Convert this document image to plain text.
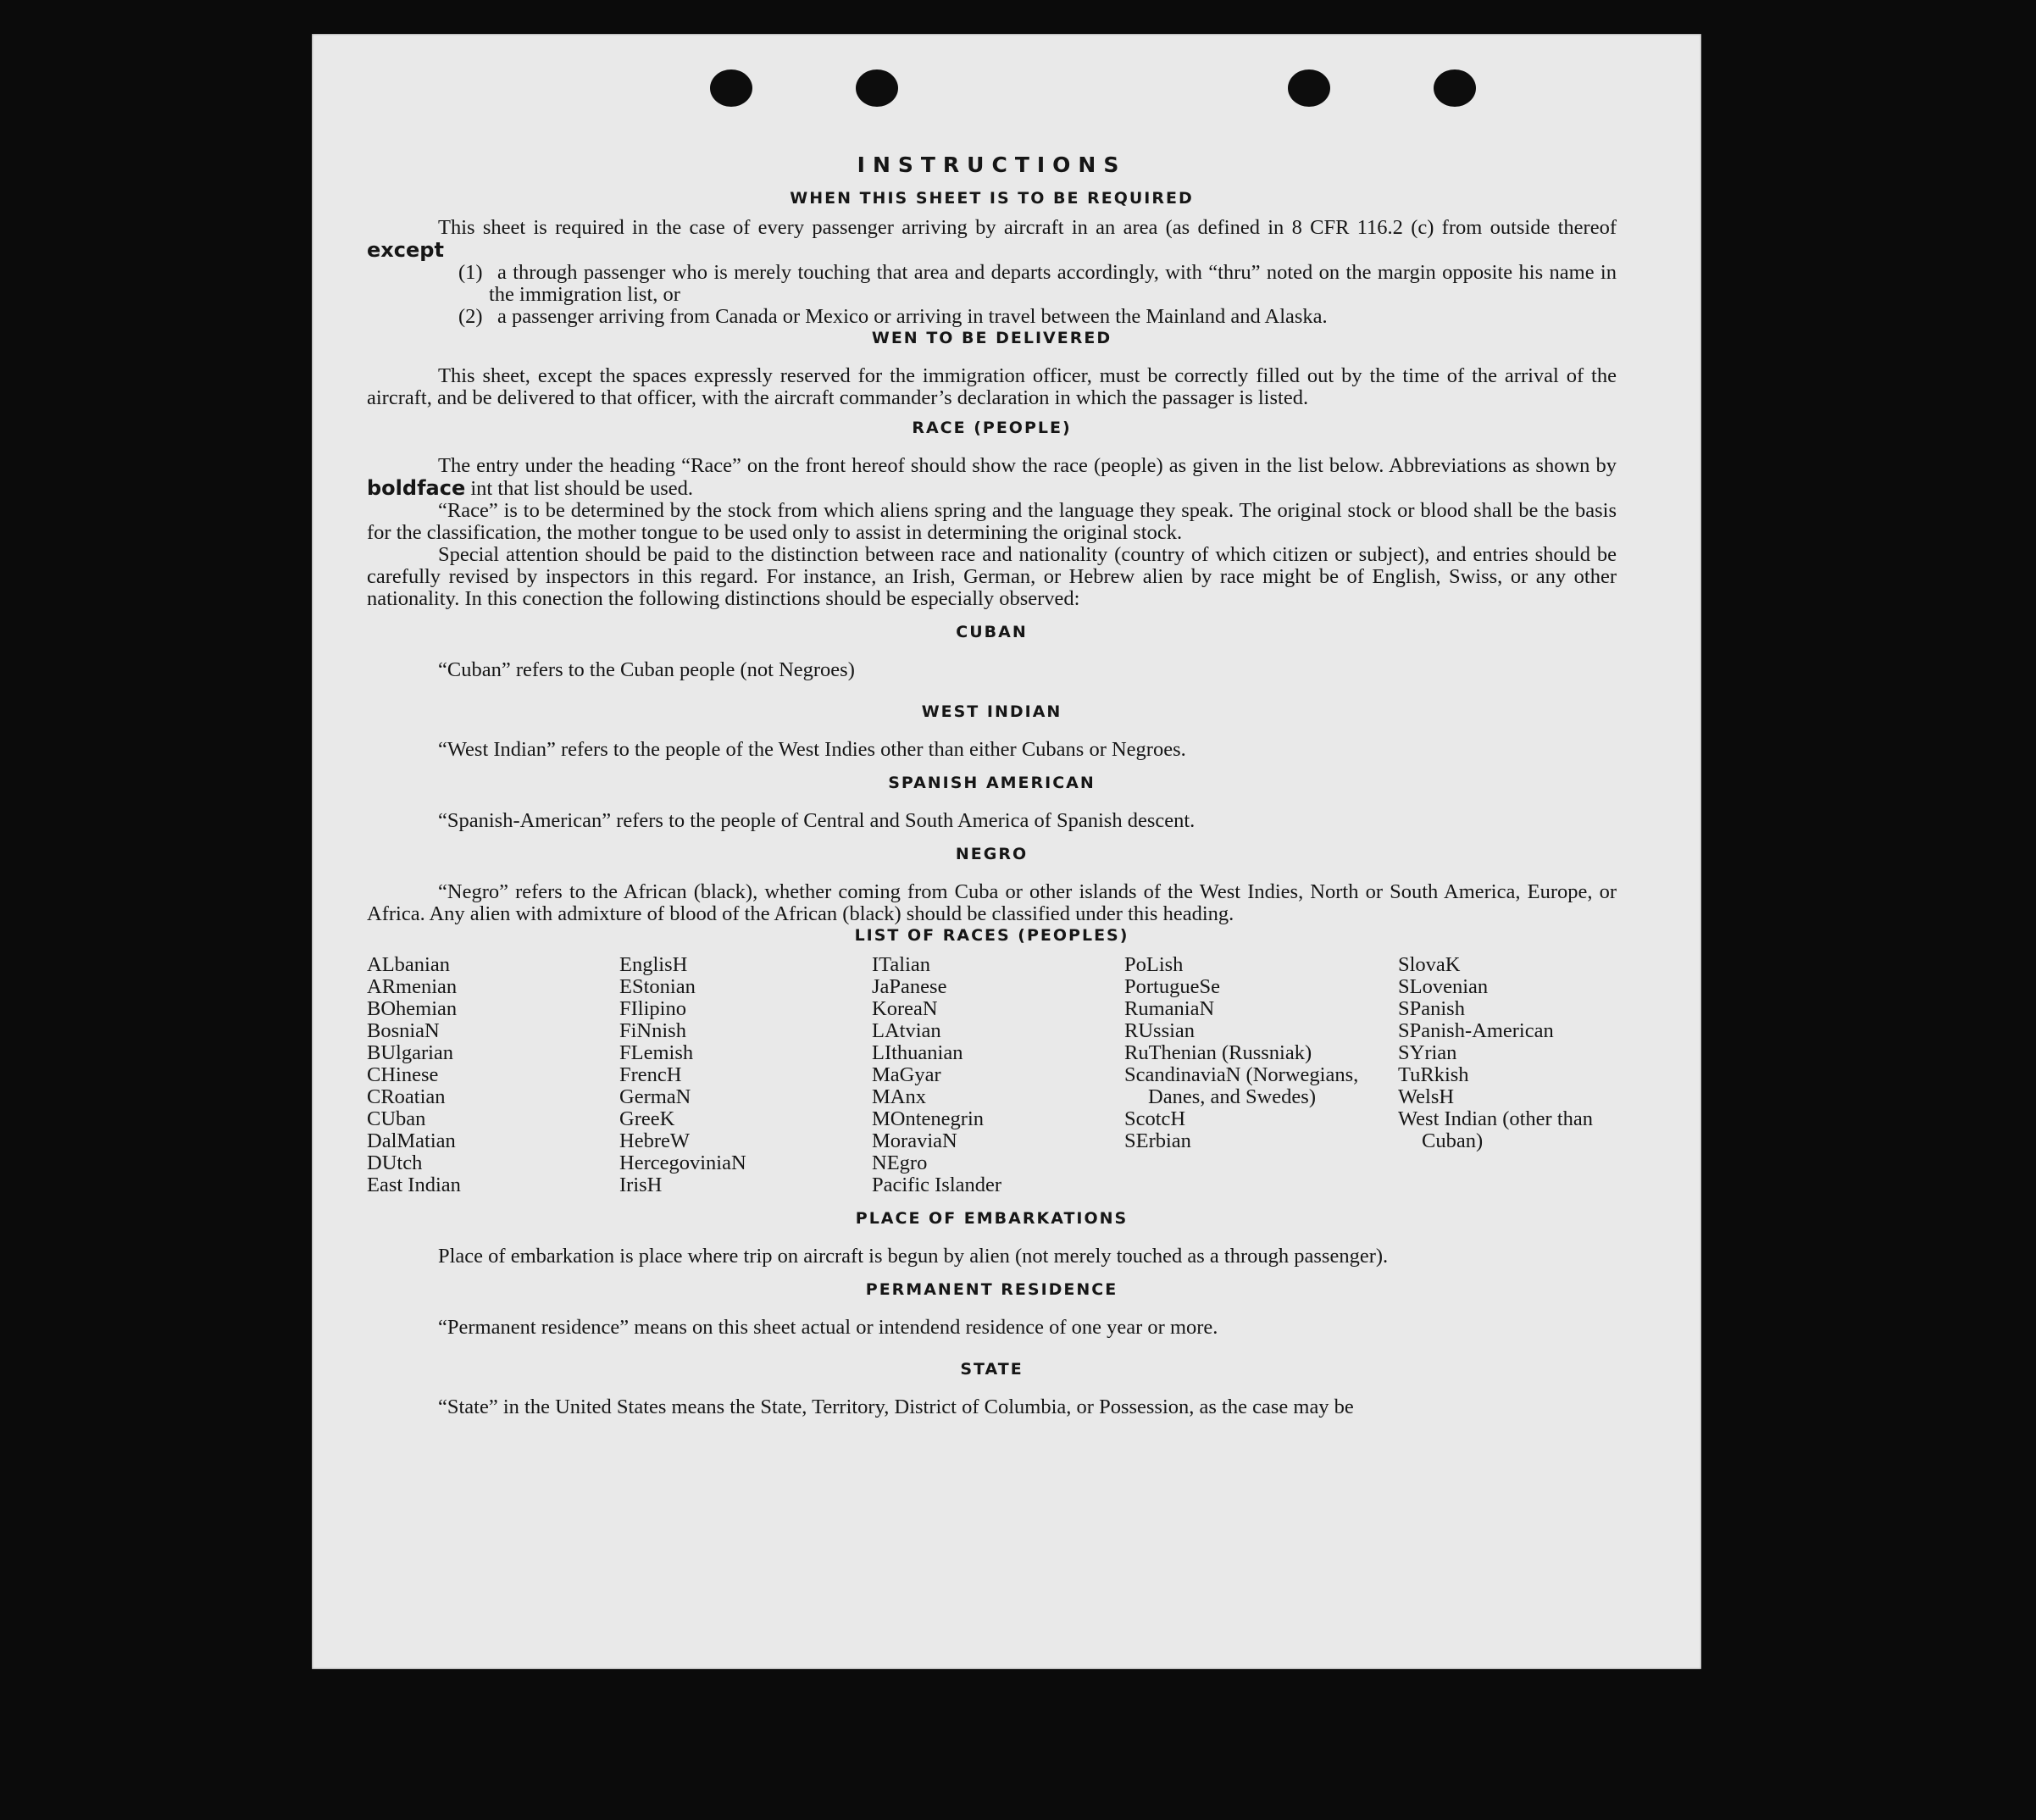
INSTRUCTIONS
WHEN THIS SHEET IS TO BE REQUIRED

This sheet is required in the case of every passenger arriving by aircraft in an area (as defined in 8 CFR 116.2 (c) from outside thereof except

(1) a through passenger who is merely touching that area and departs accordingly, with “thru” noted on the margin opposite his name in the immigration list, or
(2) a passenger arriving from Canada or Mexico or arriving in travel between the Mainland and Alaska.
WEN TO BE DELIVERED

This sheet, except the spaces expressly reserved for the immigration officer, must be correctly filled out by the time of the arrival of the aircraft, and be delivered to that officer, with the aircraft commander’s declaration in which the passager is listed.

RACE (PEOPLE)

The entry under the heading “Race” on the front hereof should show the race (people) as given in the list below. Abbreviations as shown by boldface int that list should be used.

“Race” is to be determined by the stock from which aliens spring and the language they speak. The original stock or blood shall be the basis for the classification, the mother tongue to be used only to assist in determining the original stock.

Special attention should be paid to the distinction between race and nationality (country of which citizen or subject), and entries should be carefully revised by inspectors in this regard. For instance, an Irish, German, or Hebrew alien by race might be of English, Swiss, or any other nationality. In this conection the following distinctions should be especially observed:

CUBAN

“Cuban” refers to the Cuban people (not Negroes)

WEST INDIAN

“West Indian” refers to the people of the West Indies other than either Cubans or Negroes.

SPANISH AMERICAN

“Spanish-American” refers to the people of Central and South America of Spanish descent.

NEGRO

“Negro” refers to the African (black), whether coming from Cuba or other islands of the West Indies, North or South America, Europe, or Africa. Any alien with admixture of blood of the African (black) should be classified under this heading.

LIST OF RACES (PEOPLES)
ALbanian
ARmenian
BOhemian
BosniaN
BUlgarian
CHinese
CRoatian
CUban
DalMatian
DUtch
East Indian
EnglisH
EStonian
FIlipino
FiNnish
FLemish
FrencH
GermaN
GreeK
HebreW
HercegoviniaN
IrisH
ITalian
JaPanese
KoreaN
LAtvian
LIthuanian
MaGyar
MAnx
MOntenegrin
MoraviaN
NEgro
Pacific Islander
PoLish
PortugueSe
RumaniaN
RUssian
RuThenian (Russniak)
ScandinaviaN (Norwegians, Danes, and Swedes)
ScotcH
SErbian
SlovaK
SLovenian
SPanish
SPanish-American
SYrian
TuRkish
WelsH
West Indian (other than Cuban)
PLACE OF EMBARKATIONS

Place of embarkation is place where trip on aircraft is begun by alien (not merely touched as a through passenger).

PERMANENT RESIDENCE

“Permanent residence” means on this sheet actual or intendend residence of one year or more.

STATE

“State” in the United States means the State, Territory, District of Columbia, or Possession, as the case may be
